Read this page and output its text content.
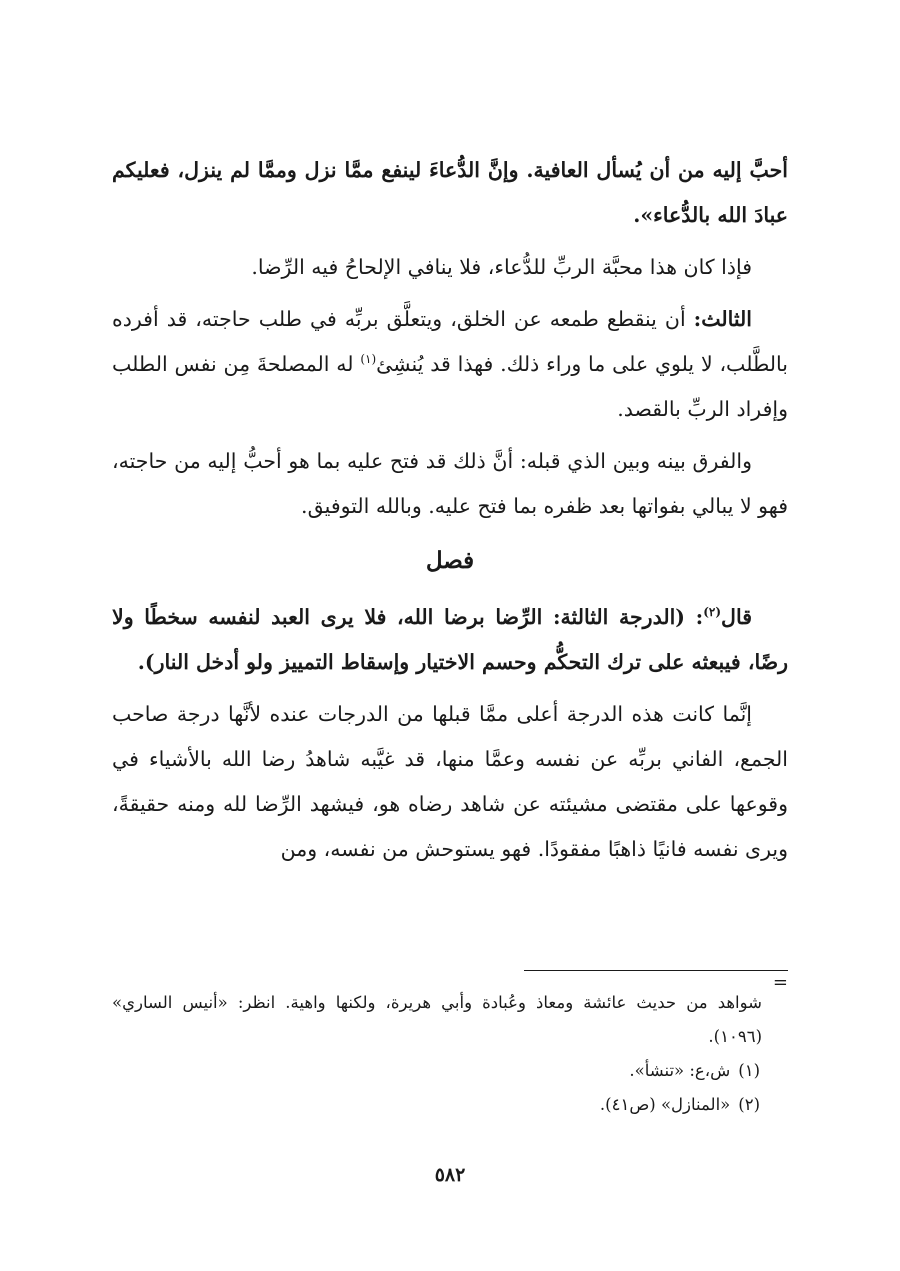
أحبَّ إليه من أن يُسأل العافية. وإنَّ الدُّعاءَ لينفع ممَّا نزل وممَّا لم ينزل، فعليكم عبادَ الله بالدُّعاء».

فإذا كان هذا محبَّة الربِّ للدُّعاء، فلا ينافي الإلحاحُ فيه الرِّضا.

الثالث: أن ينقطع طمعه عن الخلق، ويتعلَّق بربِّه في طلب حاجته، قد أفرده بالطَّلب، لا يلوي على ما وراء ذلك. فهذا قد يُنشِئ$^{(١)}$ له المصلحةَ مِن نفس الطلب وإفراد الربِّ بالقصد.

والفرق بينه وبين الذي قبله: أنَّ ذلك قد فتح عليه بما هو أحبُّ إليه من حاجته، فهو لا يبالي بفواتها بعد ظفره بما فتح عليه. وبالله التوفيق.

فصل

قال$^{(٢)}$: (الدرجة الثالثة: الرِّضا برضا الله، فلا يرى العبد لنفسه سخطًا ولا رضًا، فيبعثه على ترك التحكُّم وحسم الاختيار وإسقاط التمييز ولو أدخل النار).

إنَّما كانت هذه الدرجة أعلى ممَّا قبلها من الدرجات عنده لأنَّها درجة صاحب الجمع، الفاني بربِّه عن نفسه وعمَّا منها، قد غيَّبه شاهدُ رضا الله بالأشياء في وقوعها على مقتضى مشيئته عن شاهد رضاه هو، فيشهد الرِّضا لله ومنه حقيقةً، ويرى نفسه فانيًا ذاهبًا مفقودًا. فهو يستوحش من نفسه، ومن

=
شواهد من حديث عائشة ومعاذ وعُبادة وأبي هريرة، ولكنها واهية. انظر: «أنيس الساري» (١٠٩٦).
(١)ش،ع: «تنشأ».
(٢)«المنازل» (ص٤١).
٥٨٢
